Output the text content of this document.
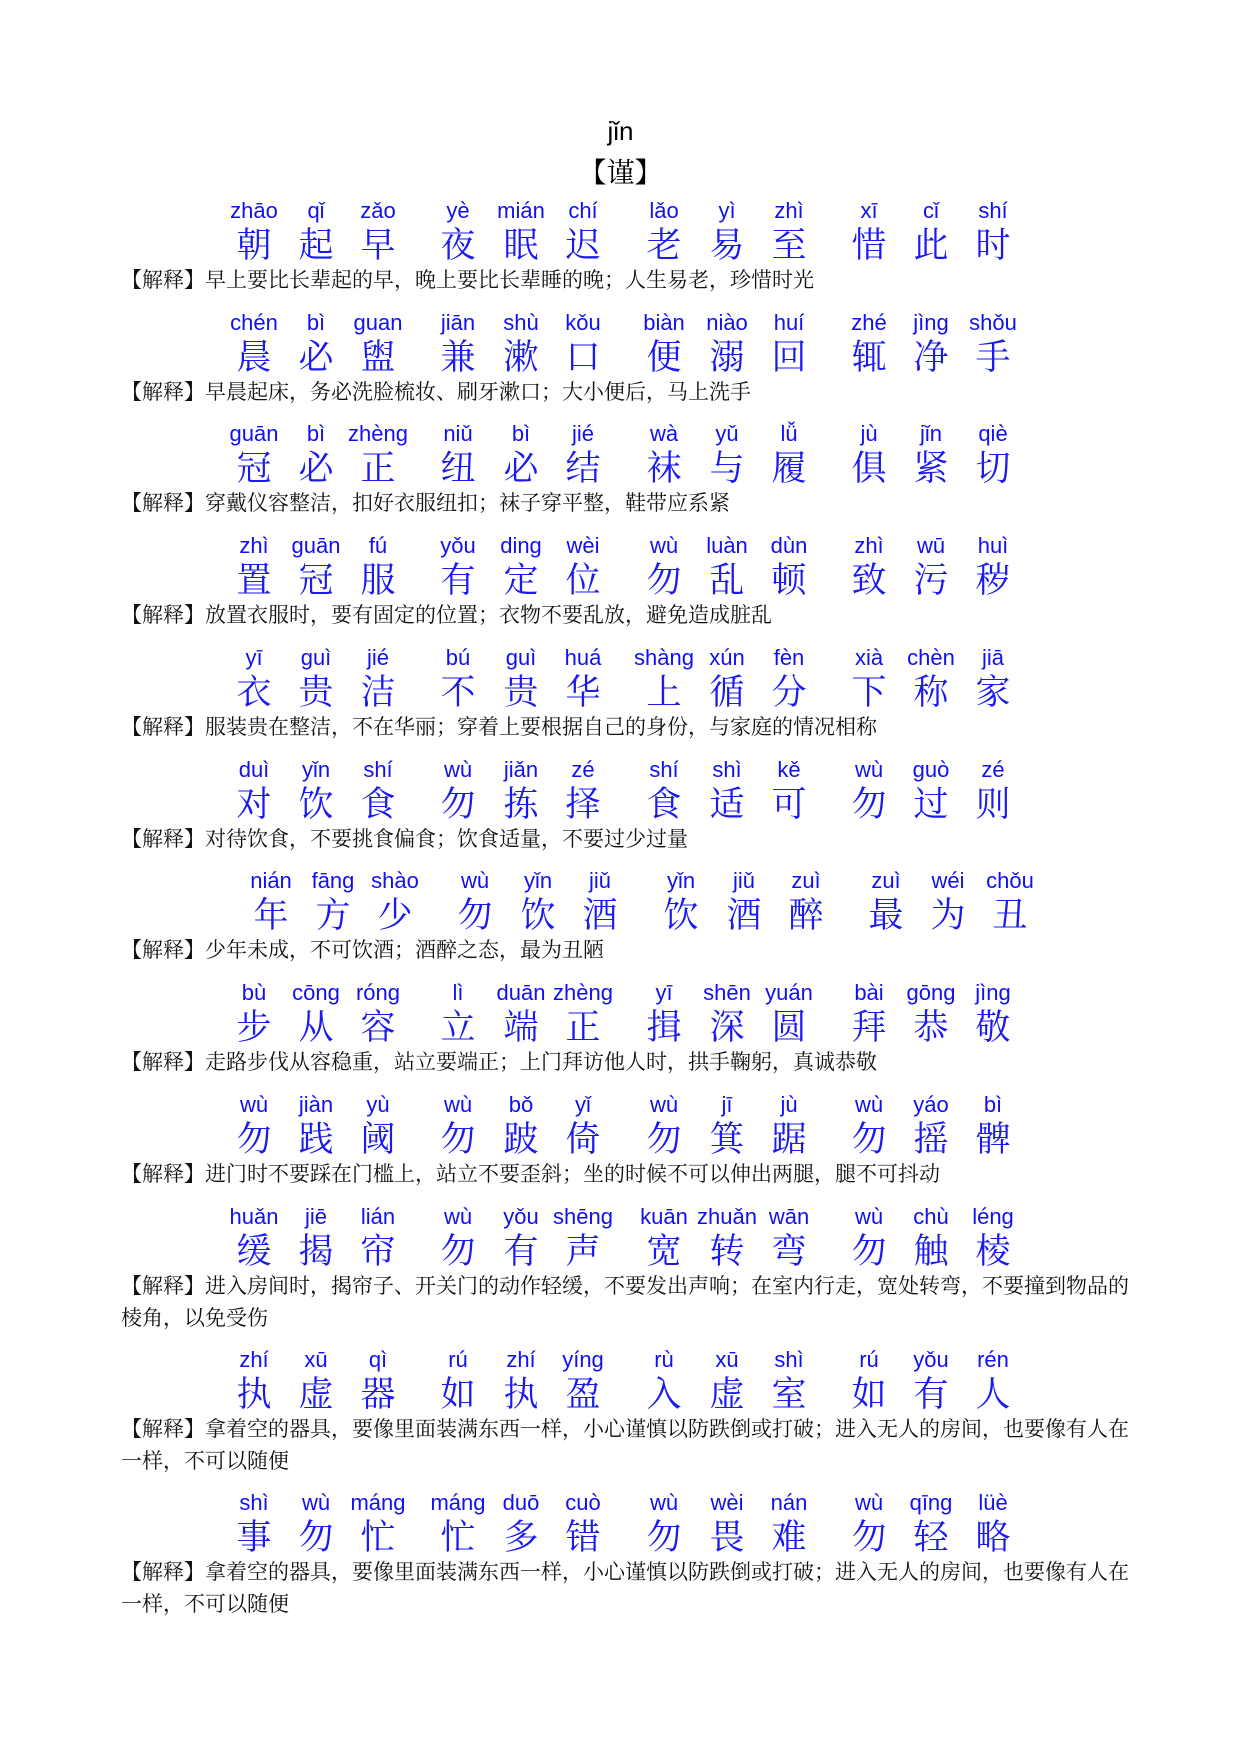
jǐn
【谨】
zhāo
朝
qǐ
起
zǎo
早
yè
夜
mián
眠
chí
迟
lǎo
老
yì
易
zhì
至
xī
惜
cǐ
此
shí
时
【解释】早上要比长辈起的早，晚上要比长辈睡的晚；人生易老，珍惜时光
chén
晨
bì
必
guan
盥
jiān
兼
shù
漱
kǒu
口
biàn
便
niào
溺
huí
回
zhé
辄
jìng
净
shǒu
手
【解释】早晨起床，务必洗脸梳妆、刷牙漱口；大小便后，马上洗手
guān
冠
bì
必
zhèng
正
niǔ
纽
bì
必
jié
结
wà
袜
yǔ
与
lǚ
履
jù
俱
jǐn
紧
qiè
切
【解释】穿戴仪容整洁，扣好衣服纽扣；袜子穿平整，鞋带应系紧
zhì
置
guān
冠
fú
服
yǒu
有
ding
定
wèi
位
wù
勿
luàn
乱
dùn
顿
zhì
致
wū
污
huì
秽
【解释】放置衣服时，要有固定的位置；衣物不要乱放，避免造成脏乱
yī
衣
guì
贵
jié
洁
bú
不
guì
贵
huá
华
shàng
上
xún
循
fèn
分
xià
下
chèn
称
jiā
家
【解释】服装贵在整洁，不在华丽；穿着上要根据自己的身份，与家庭的情况相称
duì
对
yǐn
饮
shí
食
wù
勿
jiǎn
拣
zé
择
shí
食
shì
适
kě
可
wù
勿
guò
过
zé
则
【解释】对待饮食，不要挑食偏食；饮食适量，不要过少过量
nián
年
fāng
方
shào
少
wù
勿
yǐn
饮
jiǔ
酒
yǐn
饮
jiǔ
酒
zuì
醉
zuì
最
wéi
为
chǒu
丑
【解释】少年未成，不可饮酒；酒醉之态，最为丑陋
bù
步
cōng
从
róng
容
lì
立
duān
端
zhèng
正
yī
揖
shēn
深
yuán
圆
bài
拜
gōng
恭
jìng
敬
【解释】走路步伐从容稳重，站立要端正；上门拜访他人时，拱手鞠躬，真诚恭敬
wù
勿
jiàn
践
yù
阈
wù
勿
bǒ
跛
yǐ
倚
wù
勿
jī
箕
jù
踞
wù
勿
yáo
摇
bì
髀
【解释】进门时不要踩在门槛上，站立不要歪斜；坐的时候不可以伸出两腿，腿不可抖动
huǎn
缓
jiē
揭
lián
帘
wù
勿
yǒu
有
shēng
声
kuān
宽
zhuǎn
转
wān
弯
wù
勿
chù
触
léng
棱
【解释】进入房间时，揭帘子、开关门的动作轻缓，不要发出声响；在室内行走，宽处转弯，不要撞到物品的棱角，以免受伤
zhí
执
xū
虚
qì
器
rú
如
zhí
执
yíng
盈
rù
入
xū
虚
shì
室
rú
如
yǒu
有
rén
人
【解释】拿着空的器具，要像里面装满东西一样，小心谨慎以防跌倒或打破；进入无人的房间，也要像有人在一样，不可以随便
shì
事
wù
勿
máng
忙
máng
忙
duō
多
cuò
错
wù
勿
wèi
畏
nán
难
wù
勿
qīng
轻
lüè
略
【解释】拿着空的器具，要像里面装满东西一样，小心谨慎以防跌倒或打破；进入无人的房间，也要像有人在一样，不可以随便
